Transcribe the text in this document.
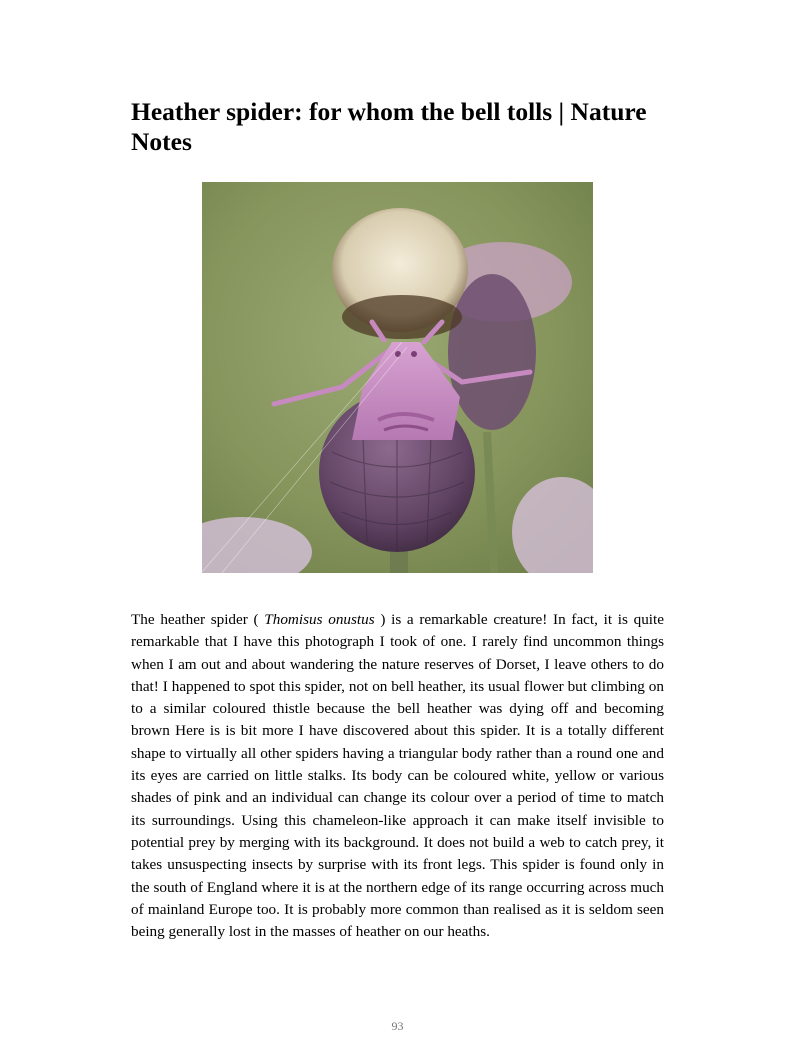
Heather spider: for whom the bell tolls | Nature Notes

The heather spider ( Thomisus onustus ) is a remarkable creature! In fact, it is quite remarkable that I have this photograph I took of one. I rarely find uncommon things when I am out and about wandering the nature reserves of Dorset, I leave others to do that! I happened to spot this spider, not on bell heather, its usual flower but climbing on to a similar coloured thistle because the bell heather was dying off and becoming brown Here is is bit more I have discovered about this spider. It is a totally different shape to virtually all other spiders having a triangular body rather than a round one and its eyes are carried on little stalks. Its body can be coloured white, yellow or various shades of pink and an individual can change its colour over a period of time to match its surroundings. Using this chameleon-like approach it can make itself invisible to potential prey by merging with its background. It does not build a web to catch prey, it takes unsuspecting insects by surprise with its front legs. This spider is found only in the south of England where it is at the northern edge of its range occurring across much of mainland Europe too. It is probably more common than realised as it is seldom seen being generally lost in the masses of heather on our heaths.

93
